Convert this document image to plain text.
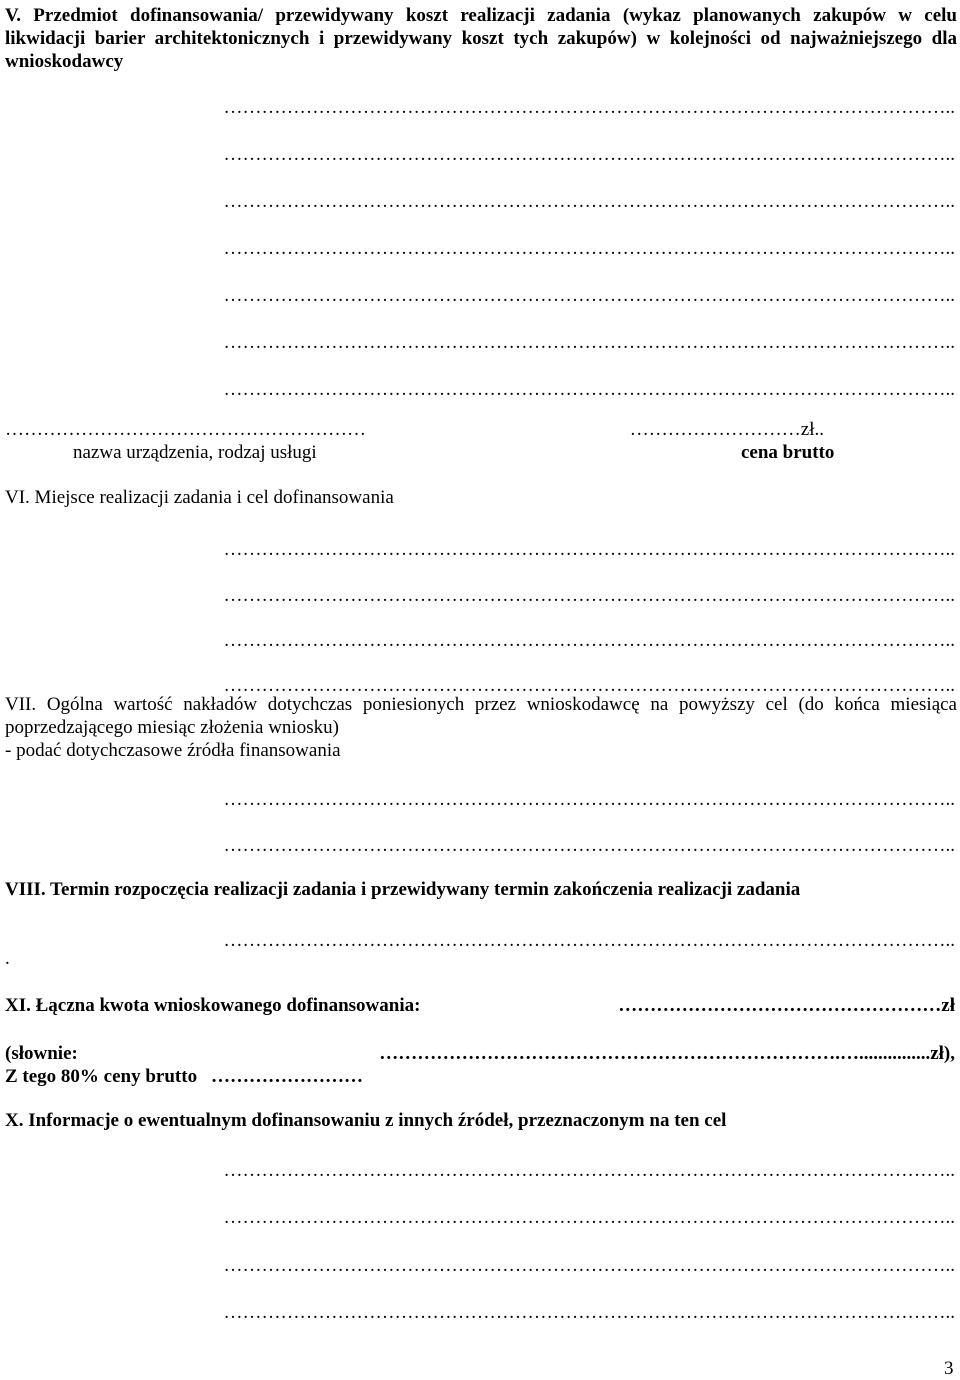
V. Przedmiot dofinansowania/ przewidywany koszt realizacji zadania (wykaz planowanych zakupów w celu likwidacji barier architektonicznych i przewidywany koszt tych zakupów) w kolejności od najważniejszego dla wnioskodawcy
……………………………………………………………………………………………………..
……………………………………………………………………………………………………..
……………………………………………………………………………………………………..
……………………………………………………………………………………………………..
……………………………………………………………………………………………………..
……………………………………………………………………………………………………..
……………………………………………………………………………………………………..
…………………………………………………	………………………zł..
nazwa urządzenia, rodzaj usługi	cena brutto
VI. Miejsce realizacji zadania i cel dofinansowania
……………………………………………………………………………………………………..
……………………………………………………………………………………………………..
……………………………………………………………………………………………………..
……………………………………………………………………………………………………..
VII. Ogólna wartość nakładów dotychczas poniesionych przez wnioskodawcę na powyższy cel (do końca miesiąca poprzedzającego miesiąc złożenia wniosku)
- podać dotychczasowe źródła finansowania
……………………………………………………………………………………………………..
……………………………………………………………………………………………………..
VIII. Termin rozpoczęcia realizacji zadania i przewidywany termin zakończenia realizacji zadania
……………………………………………………………………………………………………..
.
XI. Łączna kwota wnioskowanego dofinansowania:	……………………………………………zł
(słownie:	……………………………………………………………….…...............zł),
Z tego 80% ceny brutto ……………………
X. Informacje o ewentualnym dofinansowaniu z innych źródeł, przeznaczonym na ten cel
……………………………………………………………………………………………………..
……………………………………………………………………………………………………..
……………………………………………………………………………………………………..
……………………………………………………………………………………………………..
3
